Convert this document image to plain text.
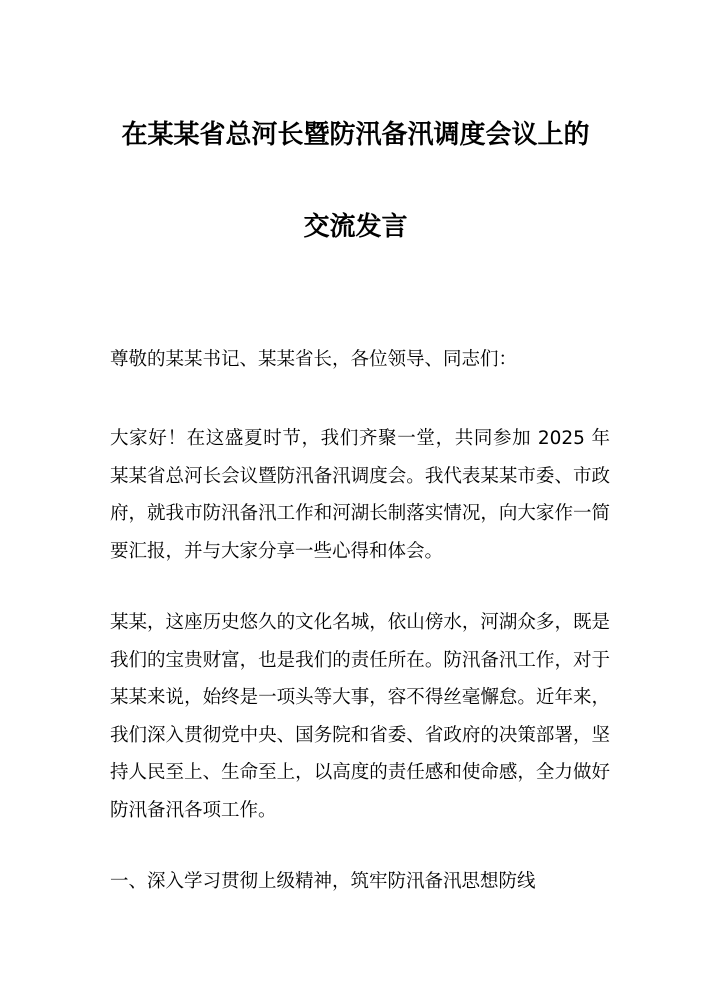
在某某省总河长暨防汛备汛调度会议上的
交流发言
尊敬的某某书记、某某省长，各位领导、同志们：
大家好！在这盛夏时节，我们齐聚一堂，共同参加 2025 年某某省总河长会议暨防汛备汛调度会。我代表某某市委、市政府，就我市防汛备汛工作和河湖长制落实情况，向大家作一简要汇报，并与大家分享一些心得和体会。
某某，这座历史悠久的文化名城，依山傍水，河湖众多，既是我们的宝贵财富，也是我们的责任所在。防汛备汛工作，对于某某来说，始终是一项头等大事，容不得丝毫懈怠。近年来，我们深入贯彻党中央、国务院和省委、省政府的决策部署，坚持人民至上、生命至上，以高度的责任感和使命感，全力做好防汛备汛各项工作。
一、深入学习贯彻上级精神，筑牢防汛备汛思想防线
